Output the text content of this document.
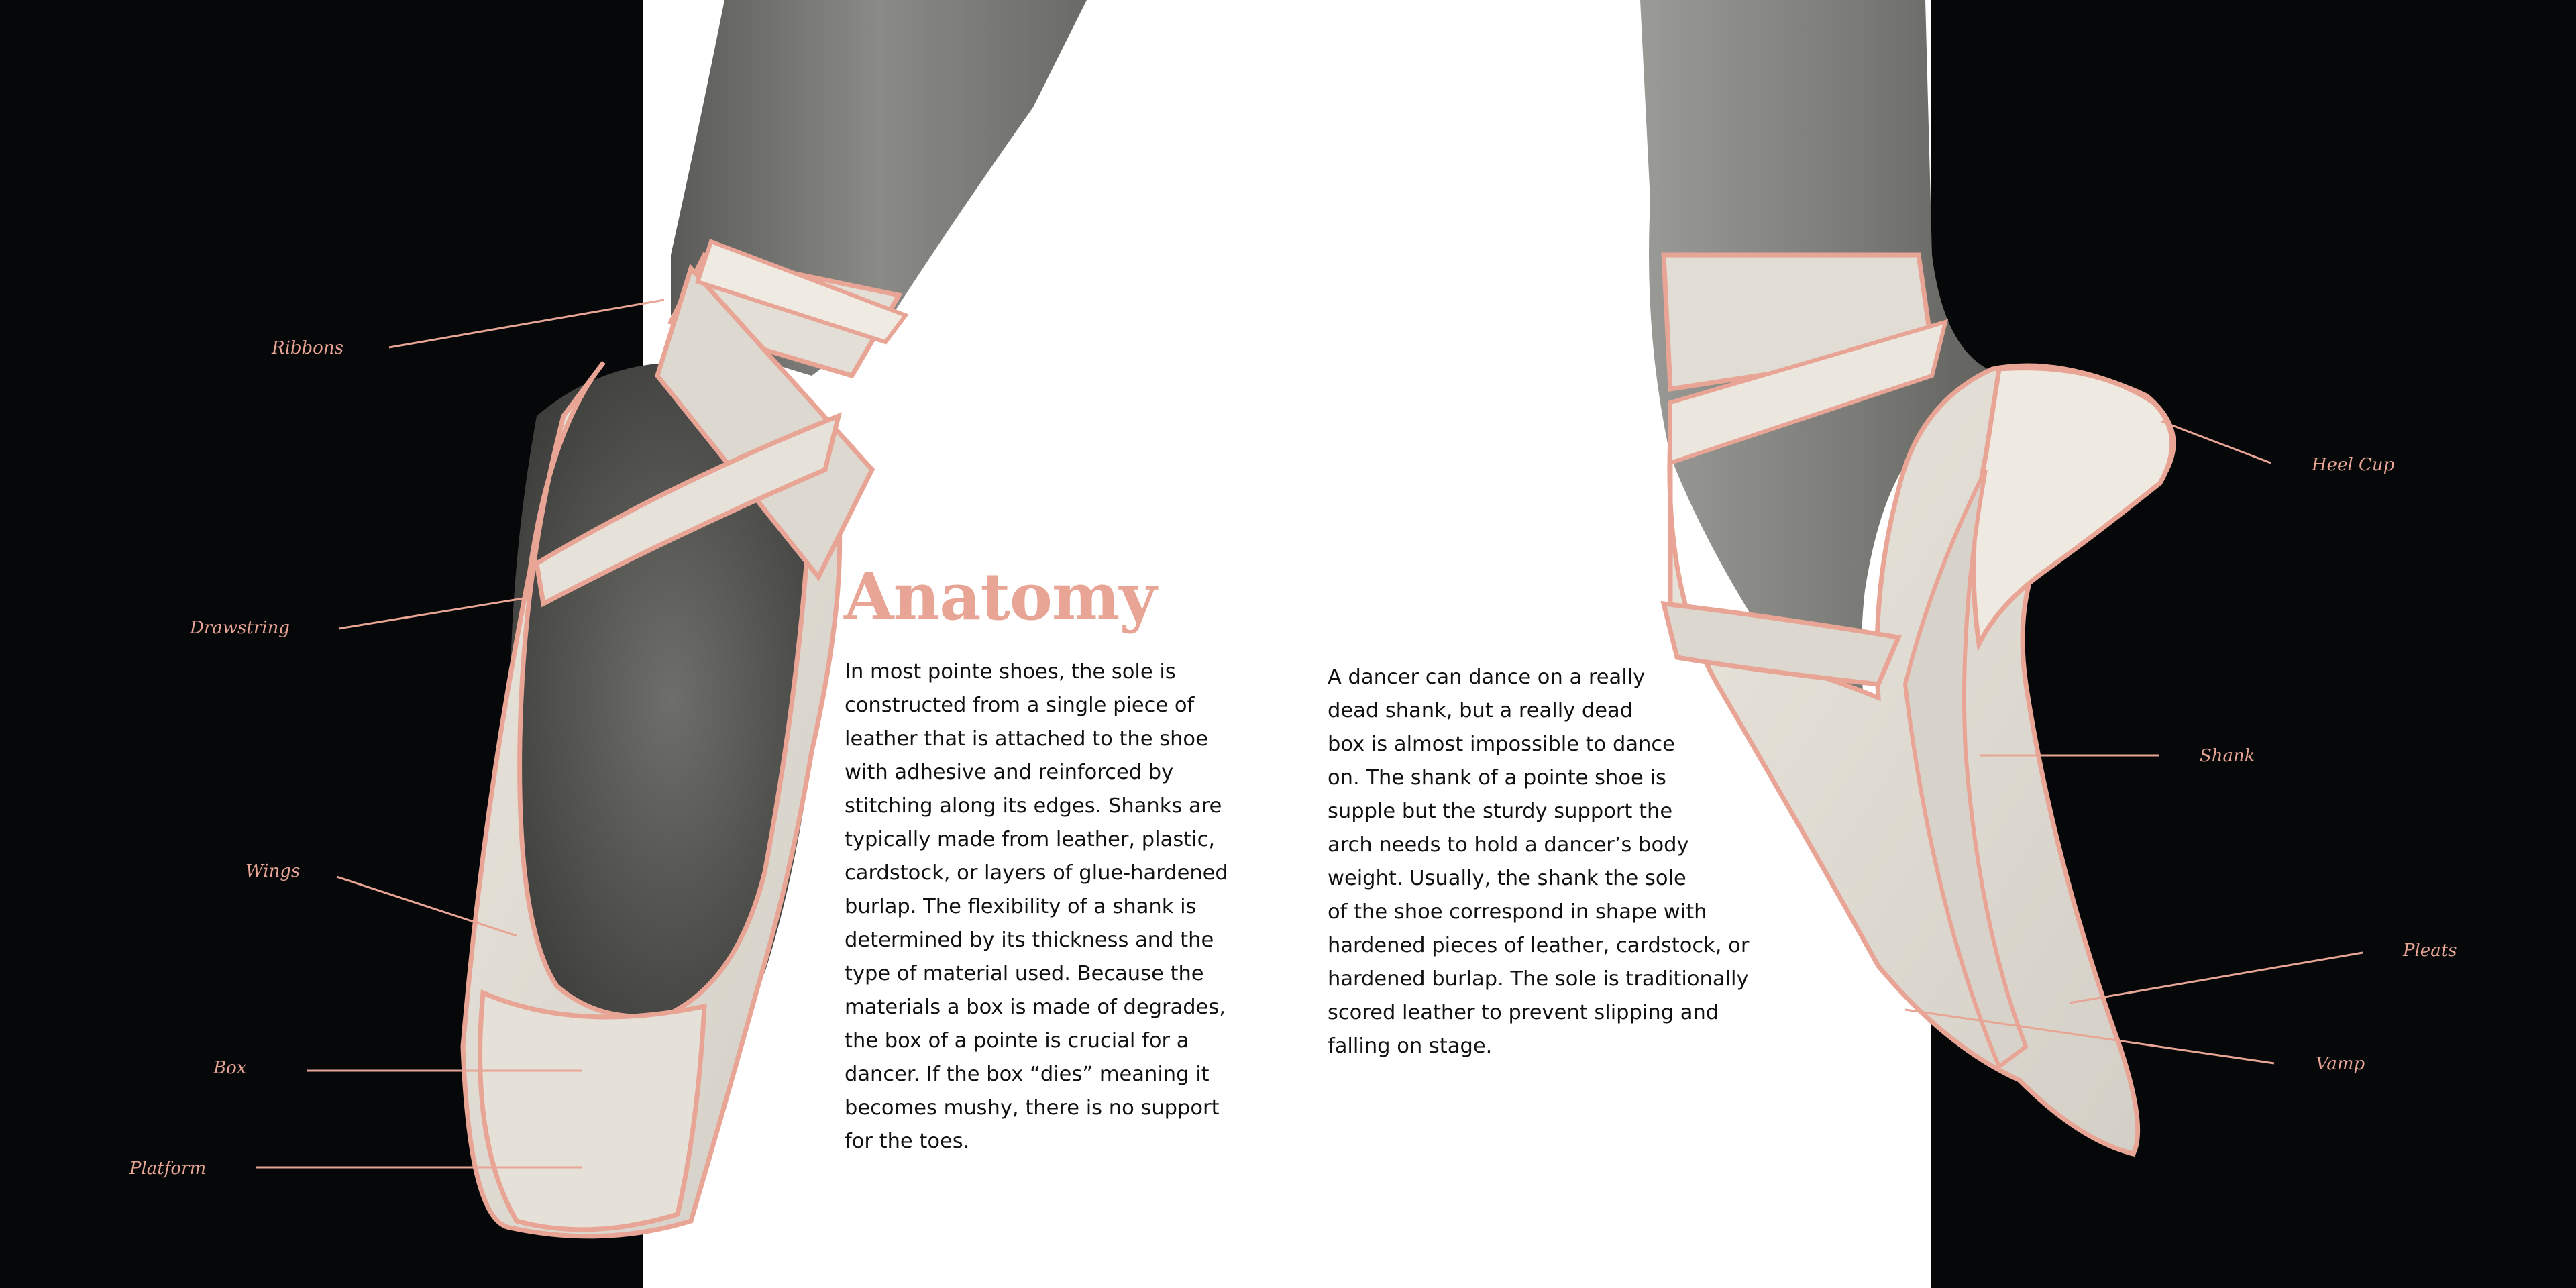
Ribbons
Drawstring
Wings
Box
Platform
Heel Cup
Shank
Pleats
Vamp
Anatomy
In most pointe shoes, the sole is
constructed from a single piece of
leather that is attached to the shoe
with adhesive and reinforced by
stitching along its edges. Shanks are
typically made from leather, plastic,
cardstock, or layers of glue-hardened
burlap. The flexibility of a shank is
determined by its thickness and the
type of material used. Because the
materials a box is made of degrades,
the box of a pointe is crucial for a
dancer. If the box “dies” meaning it
becomes mushy, there is no support
for the toes.
A dancer can dance on a really
dead shank, but a really dead
box is almost impossible to dance
on. The shank of a pointe shoe is
supple but the sturdy support the
arch needs to hold a dancer’s body
weight. Usually, the shank the sole
of the shoe correspond in shape with
hardened pieces of leather, cardstock, or
hardened burlap. The sole is traditionally
scored leather to prevent slipping and
falling on stage.
